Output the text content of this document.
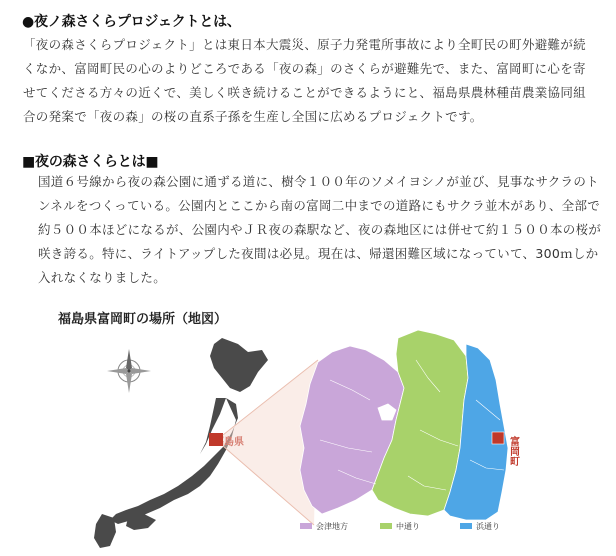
●夜ノ森さくらプロジェクトとは、
「夜の森さくらプロジェクト」とは東日本大震災、原子力発電所事故により全町民の町外避難が続
くなか、富岡町民の心のよりどころである「夜の森」のさくらが避難先で、また、富岡町に心を寄
せてくださる方々の近くで、美しく咲き続けることができるようにと、福島県農林種苗農業協同組
合の発案で「夜の森」の桜の直系子孫を生産し全国に広めるプロジェクトです。
■夜の森さくらとは■
国道６号線から夜の森公園に通ずる道に、樹令１００年のソメイヨシノが並び、見事なサクラのト
ンネルをつくっている。公園内とここから南の富岡二中までの道路にもサクラ並木があり、全部で
約５００本ほどになるが、公園内やＪＲ夜の森駅など、夜の森地区には併せて約１５００本の桜が
咲き誇る。特に、ライトアップした夜間は必見。現在は、帰還困難区域になっていて、300ｍしか
入れなくなりました。
福島県富岡町の場所（地図）
福島県	富岡町
会津地方	中通り	浜通り
